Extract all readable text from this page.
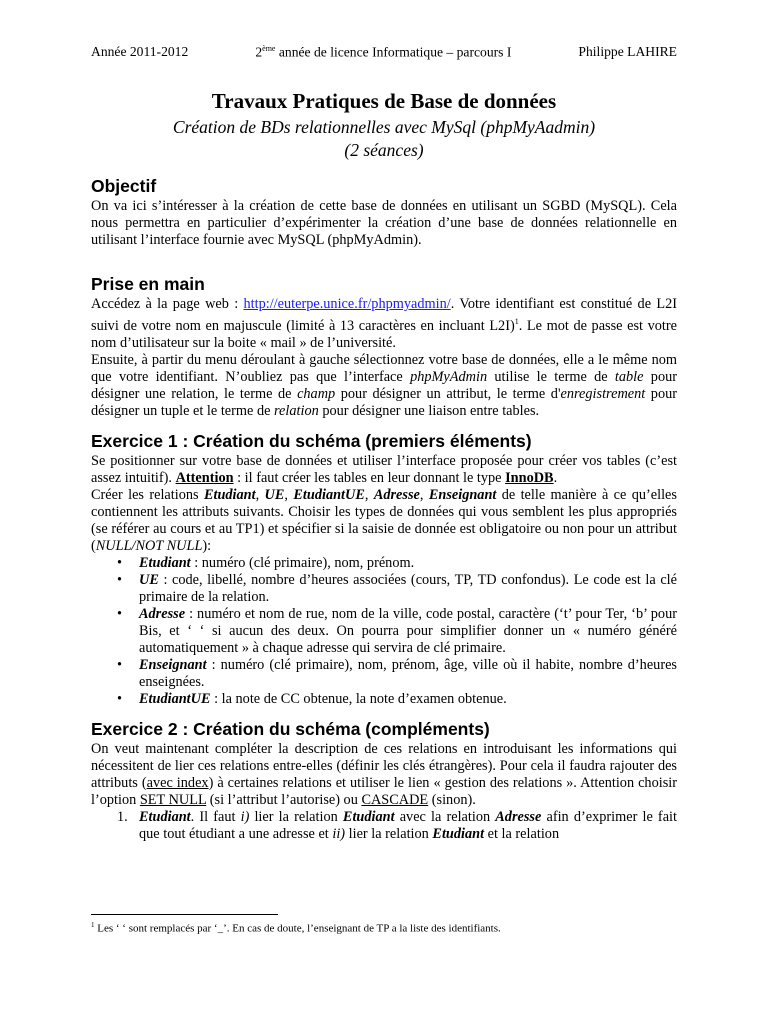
Année 2011-2012	2ème année de licence Informatique – parcours I	Philippe LAHIRE
Travaux Pratiques de Base de données
Création de BDs relationnelles avec MySql (phpMyAadmin)
(2 séances)
Objectif

On va ici s’intéresser à la création de cette base de données en utilisant un SGBD (MySQL). Cela nous permettra en particulier d’expérimenter la création d’une base de données relationnelle en utilisant l’interface fournie avec MySQL (phpMyAdmin).

Prise en main

Accédez à la page web : http://euterpe.unice.fr/phpmyadmin/. Votre identifiant est constitué de L2I suivi de votre nom en majuscule (limité à 13 caractères en incluant L2I)$^1$. Le mot de passe est votre nom d’utilisateur sur la boite « mail » de l’université.

Ensuite, à partir du menu déroulant à gauche sélectionnez votre base de données, elle a le même nom que votre identifiant. N’oubliez pas que l’interface phpMyAdmin utilise le terme de table pour désigner une relation, le terme de champ pour désigner un attribut, le terme d'enregistrement pour désigner un tuple et le terme de relation pour désigner une liaison entre tables.

Exercice 1 : Création du schéma (premiers éléments)

Se positionner sur votre base de données et utiliser l’interface proposée pour créer vos tables (c’est assez intuitif). Attention : il faut créer les tables en leur donnant le type InnoDB.

Créer les relations Etudiant, UE, EtudiantUE, Adresse, Enseignant de telle manière à ce qu’elles contiennent les attributs suivants. Choisir les types de données qui vous semblent les plus appropriés (se référer au cours et au TP1) et spécifier si la saisie de donnée est obligatoire ou non pour un attribut (NULL/NOT NULL):

• Etudiant : numéro (clé primaire), nom, prénom.
• UE : code, libellé, nombre d’heures associées (cours, TP, TD confondus). Le code est la clé primaire de la relation.
• Adresse : numéro et nom de rue, nom de la ville, code postal, caractère (‘t’ pour Ter, ‘b’ pour Bis, et ‘ ‘ si aucun des deux. On pourra pour simplifier donner un « numéro généré automatiquement » à chaque adresse qui servira de clé primaire.
• Enseignant : numéro (clé primaire), nom, prénom, âge, ville où il habite, nombre d’heures enseignées.
• EtudiantUE : la note de CC obtenue, la note d’examen obtenue.
Exercice 2 : Création du schéma (compléments)

On veut maintenant compléter la description de ces relations en introduisant les informations qui nécessitent de lier ces relations entre-elles (définir les clés étrangères). Pour cela il faudra rajouter des attributs (avec index) à certaines relations et utiliser le lien « gestion des relations ». Attention choisir l’option SET NULL (si l’attribut l’autorise) ou CASCADE (sinon).

1. Etudiant. Il faut i) lier la relation Etudiant avec la relation Adresse afin d’exprimer le fait que tout étudiant a une adresse et ii) lier la relation Etudiant et la relation
$^1$ Les ‘ ‘ sont remplacés par ‘_’. En cas de doute, l’enseignant de TP a la liste des identifiants.
